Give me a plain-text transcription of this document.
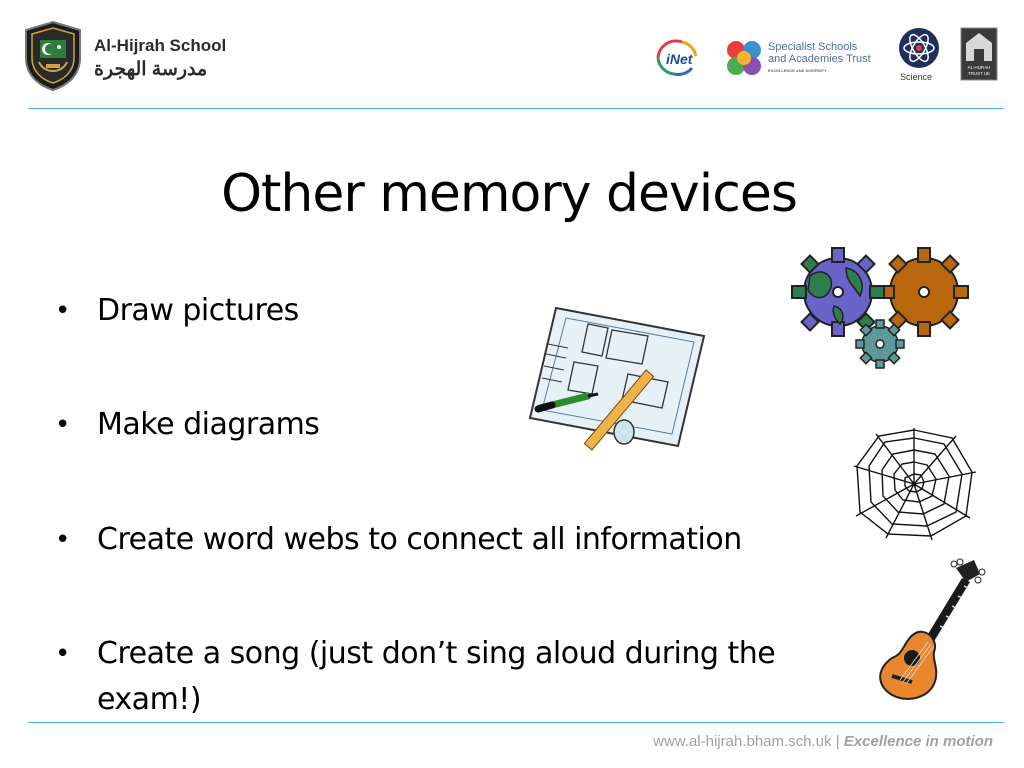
Al-Hijrah School
مدرسة الهجرة	iNet
Specialist Schools
and Academies Trust
EXCELLENCE AND DIVERSITY
Science
AL-HIJRAH
TRUST UK
Other memory devices
• Draw pictures
• Make diagrams
• Create word webs to connect all information
• Create a song (just don’t sing aloud during the exam!)
www.al-hijrah.bham.sch.uk | Excellence in motion
